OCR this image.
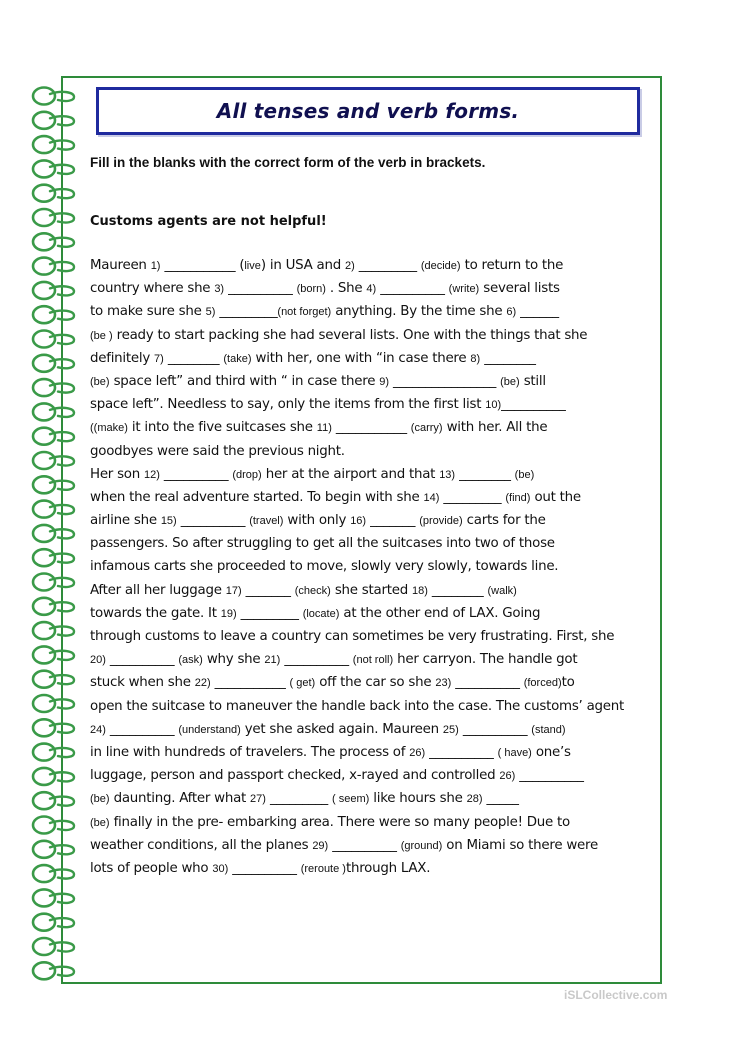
All tenses and verb forms.
Fill in the blanks with the correct form of the verb in brackets.
Customs agents are not helpful!
Maureen 1) ___________ (live) in USA and 2) _________ (decide) to return to the
country where she 3) __________ (born) . She 4) __________ (write) several lists
to make sure she 5) _________(not forget) anything. By the time she 6) ______
(be ) ready to start packing she had several lists. One with the things that she
definitely 7) ________ (take) with her, one with “in case there 8) ________
(be) space left” and third with “ in case there 9) ________________ (be) still
space left”. Needless to say, only the items from the first list 10)__________
((make) it into the five suitcases she 11) ___________ (carry) with her. All the
goodbyes were said the previous night.
Her son 12) __________ (drop) her at the airport and that 13) ________ (be)
when the real adventure started. To begin with she 14) _________ (find) out the
airline she 15) __________ (travel) with only 16) _______ (provide) carts for the
passengers. So after struggling to get all the suitcases into two of those
infamous carts she proceeded to move, slowly very slowly, towards line.
After all her luggage 17) _______ (check) she started 18) ________ (walk)
towards the gate. It 19) _________ (locate) at the other end of LAX. Going
through customs to leave a country can sometimes be very frustrating. First, she
20) __________ (ask) why she 21) __________ (not roll) her carryon. The handle got
stuck when she 22) ___________ ( get) off the car so she 23) __________ (forced)to
open the suitcase to maneuver the handle back into the case. The customs’ agent
24) __________ (understand) yet she asked again. Maureen 25) __________ (stand)
in line with hundreds of travelers. The process of 26) __________ ( have) one’s
luggage, person and passport checked, x-rayed and controlled 26) __________
(be) daunting. After what 27) _________ ( seem) like hours she 28) _____
(be) finally in the pre- embarking area. There were so many people! Due to
weather conditions, all the planes 29) __________ (ground) on Miami so there were
lots of people who 30) __________ (reroute )through LAX.
iSLCollective.com
